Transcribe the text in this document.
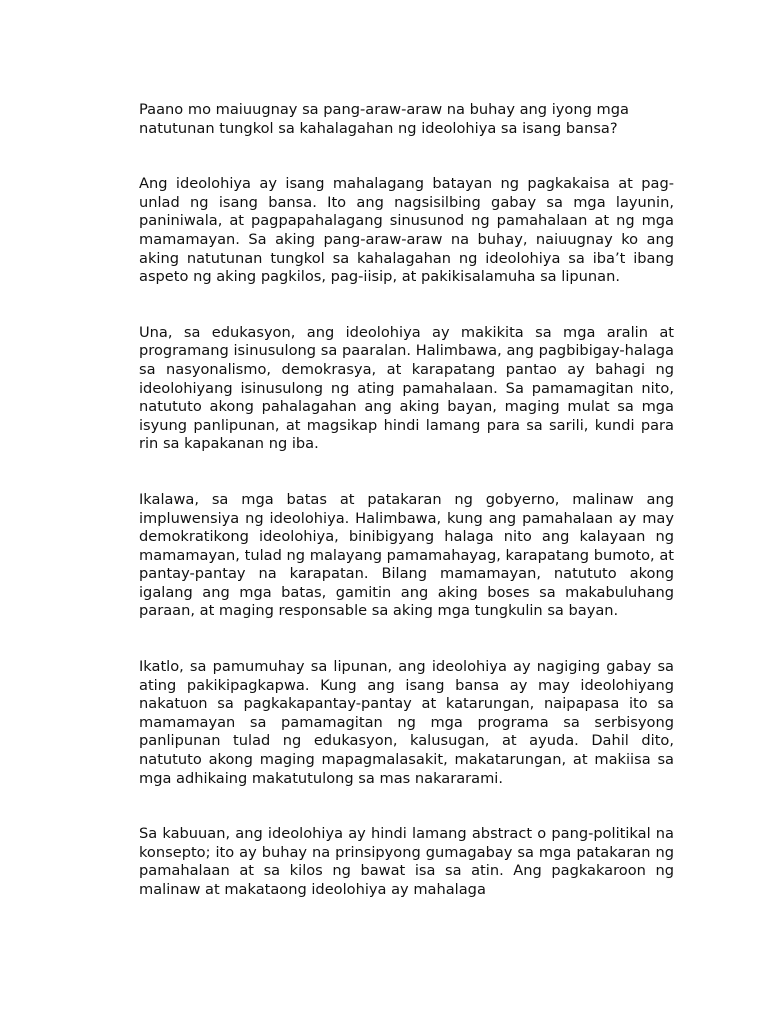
Paano mo maiuugnay sa pang-araw-araw na buhay ang iyong mga natutunan tungkol sa kahalagahan ng ideolohiya sa isang bansa?

Ang ideolohiya ay isang mahalagang batayan ng pagkakaisa at pag-unlad ng isang bansa. Ito ang nagsisilbing gabay sa mga layunin, paniniwala, at pagpapahalagang sinusunod ng pamahalaan at ng mga mamamayan. Sa aking pang-araw-araw na buhay, naiuugnay ko ang aking natutunan tungkol sa kahalagahan ng ideolohiya sa iba’t ibang aspeto ng aking pagkilos, pag-iisip, at pakikisalamuha sa lipunan.

Una, sa edukasyon, ang ideolohiya ay makikita sa mga aralin at programang isinusulong sa paaralan. Halimbawa, ang pagbibigay-halaga sa nasyonalismo, demokrasya, at karapatang pantao ay bahagi ng ideolohiyang isinusulong ng ating pamahalaan. Sa pamamagitan nito, natututo akong pahalagahan ang aking bayan, maging mulat sa mga isyung panlipunan, at magsikap hindi lamang para sa sarili, kundi para rin sa kapakanan ng iba.

Ikalawa, sa mga batas at patakaran ng gobyerno, malinaw ang impluwensiya ng ideolohiya. Halimbawa, kung ang pamahalaan ay may demokratikong ideolohiya, binibigyang halaga nito ang kalayaan ng mamamayan, tulad ng malayang pamamahayag, karapatang bumoto, at pantay-pantay na karapatan. Bilang mamamayan, natututo akong igalang ang mga batas, gamitin ang aking boses sa makabuluhang paraan, at maging responsable sa aking mga tungkulin sa bayan.

Ikatlo, sa pamumuhay sa lipunan, ang ideolohiya ay nagiging gabay sa ating pakikipagkapwa. Kung ang isang bansa ay may ideolohiyang nakatuon sa pagkakapantay-pantay at katarungan, naipapasa ito sa mamamayan sa pamamagitan ng mga programa sa serbisyong panlipunan tulad ng edukasyon, kalusugan, at ayuda. Dahil dito, natututo akong maging mapagmalasakit, makatarungan, at makiisa sa mga adhikaing makatutulong sa mas nakararami.

Sa kabuuan, ang ideolohiya ay hindi lamang abstract o pang-politikal na konsepto; ito ay buhay na prinsipyong gumagabay sa mga patakaran ng pamahalaan at sa kilos ng bawat isa sa atin. Ang pagkakaroon ng malinaw at makataong ideolohiya ay mahalaga
